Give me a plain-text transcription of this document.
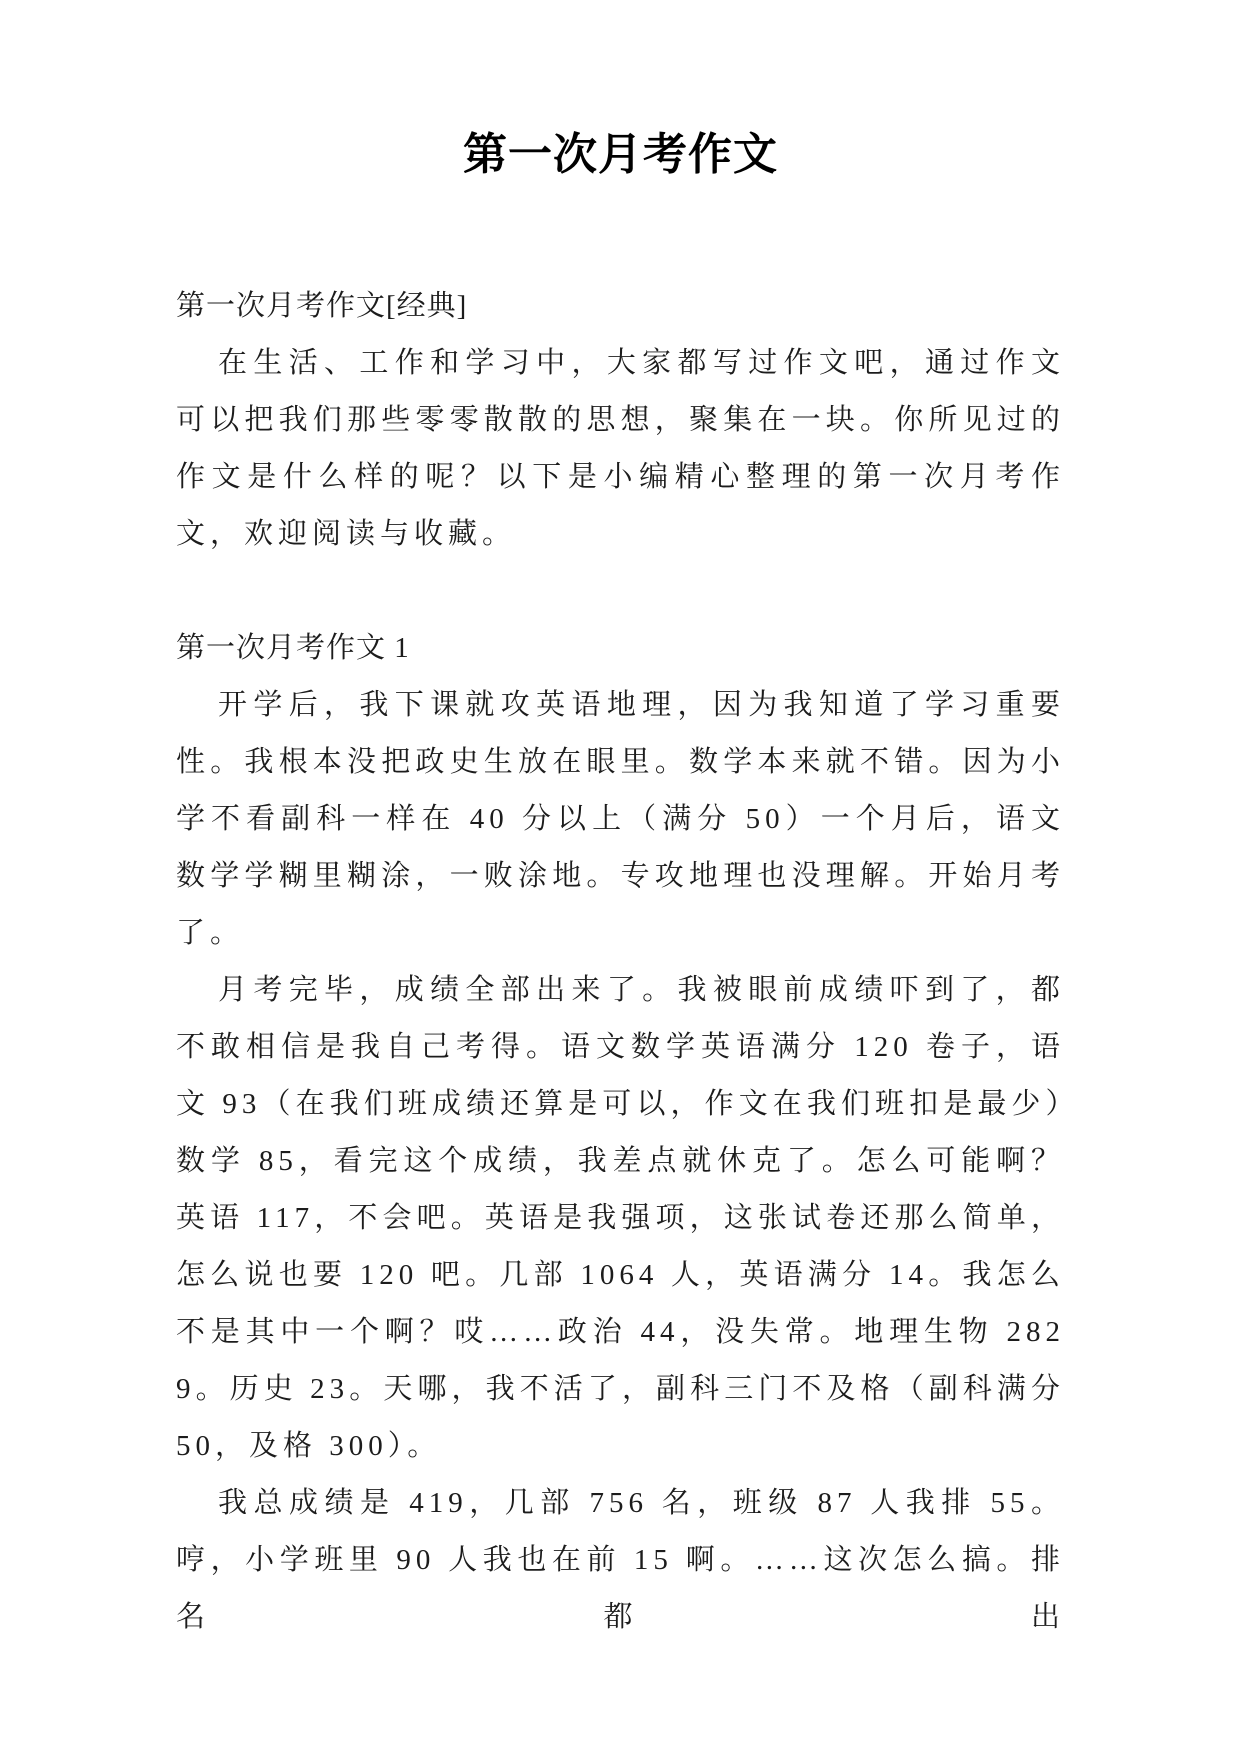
第一次月考作文

第一次月考作文[经典]

在生活、工作和学习中，大家都写过作文吧，通过作文可以把我们那些零零散散的思想，聚集在一块。你所见过的作文是什么样的呢？以下是小编精心整理的第一次月考作文，欢迎阅读与收藏。

第一次月考作文 1

开学后，我下课就攻英语地理，因为我知道了学习重要性。我根本没把政史生放在眼里。数学本来就不错。因为小学不看副科一样在 40 分以上（满分 50）一个月后，语文数学学糊里糊涂，一败涂地。专攻地理也没理解。开始月考了。

月考完毕，成绩全部出来了。我被眼前成绩吓到了，都不敢相信是我自己考得。语文数学英语满分 120 卷子，语文 93（在我们班成绩还算是可以，作文在我们班扣是最少）数学 85，看完这个成绩，我差点就休克了。怎么可能啊？英语 117，不会吧。英语是我强项，这张试卷还那么简单，怎么说也要 120 吧。几部 1064 人，英语满分 14。我怎么不是其中一个啊？哎……政治 44，没失常。地理生物 2829。历史 23。天哪，我不活了，副科三门不及格（副科满分 50，及格 300）。

我总成绩是 419，几部 756 名，班级 87 人我排 55。哼，小学班里 90 人我也在前 15 啊。……这次怎么搞。排名都出
